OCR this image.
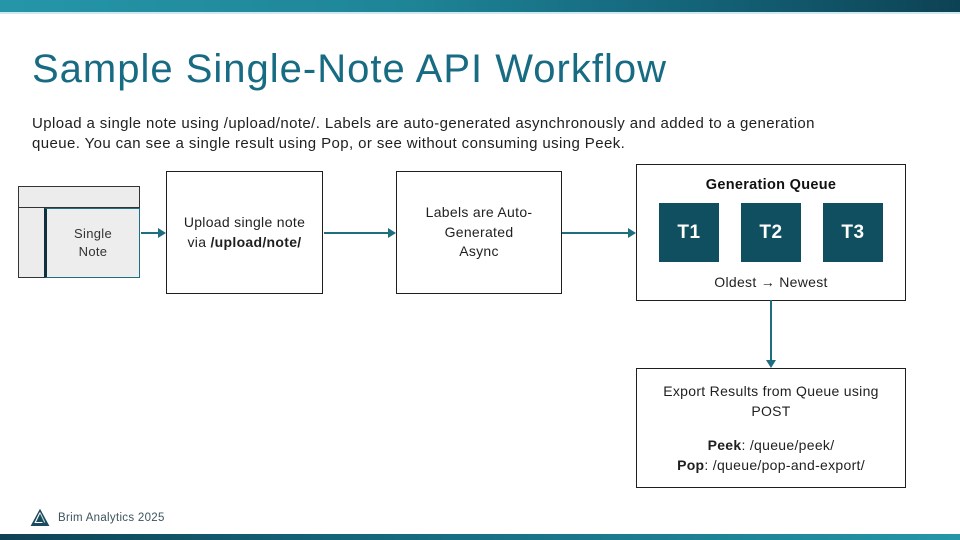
Sample Single-Note API Workflow
Upload a single note using /upload/note/. Labels are auto-generated asynchronously and added to a generation
queue. You can see a single result using Pop, or see without consuming using Peek.
Single
Note
Upload single note
via /upload/note/
Labels are Auto-
Generated
Async
Generation Queue
T1	T2	T3
Oldest → Newest
Export Results from Queue using
POST
Peek: /queue/peek/
Pop: /queue/pop-and-export/
Brim Analytics 2025
